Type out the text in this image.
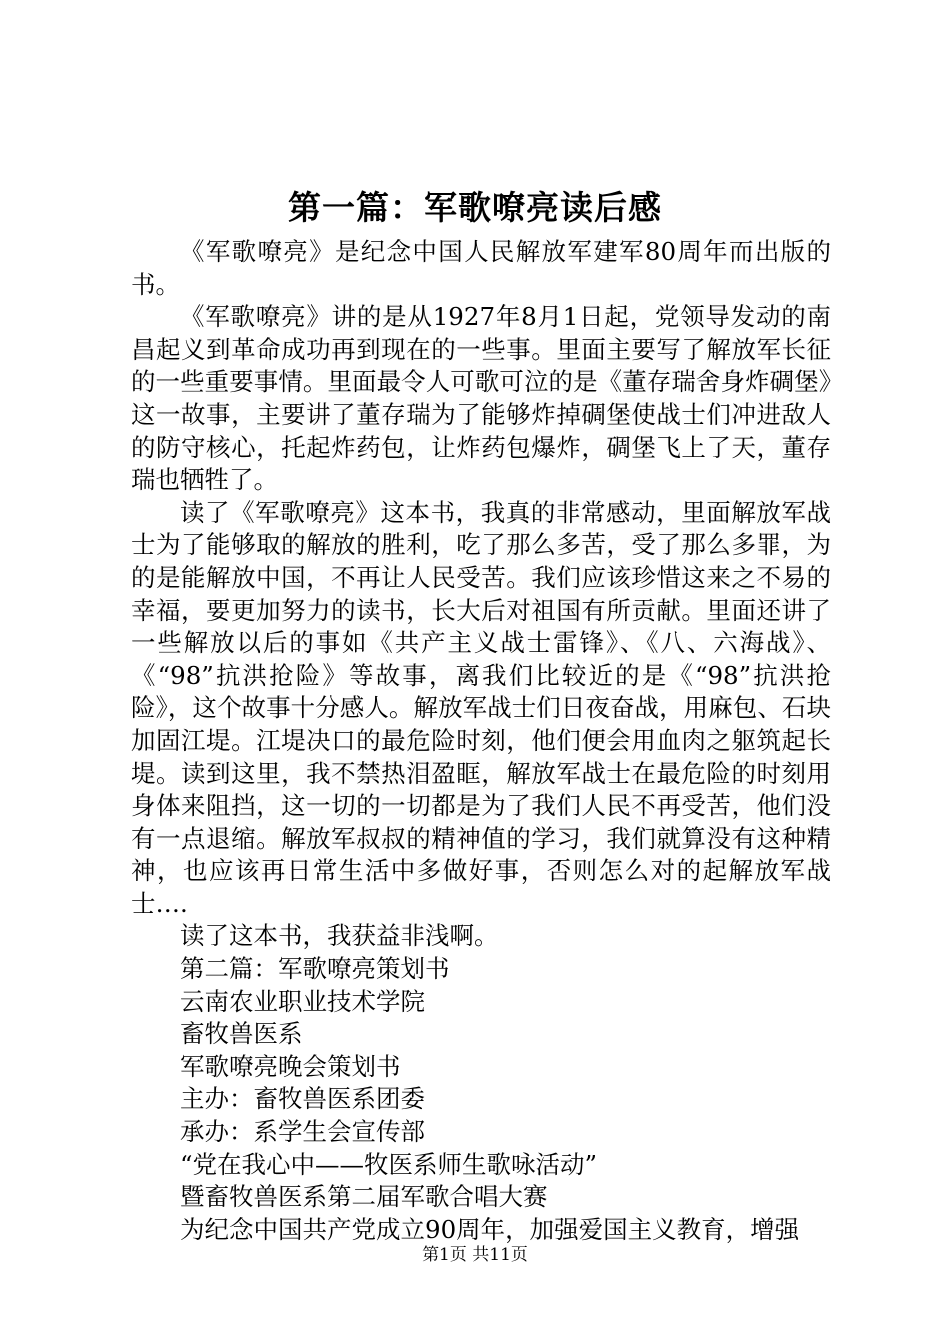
第一篇：军歌嘹亮读后感

《军歌嘹亮》是纪念中国人民解放军建军80周年而出版的书。

《军歌嘹亮》讲的是从1927年8月1日起，党领导发动的南昌起义到革命成功再到现在的一些事。里面主要写了解放军长征的一些重要事情。里面最令人可歌可泣的是《董存瑞舍身炸碉堡》这一故事，主要讲了董存瑞为了能够炸掉碉堡使战士们冲进敌人的防守核心，托起炸药包，让炸药包爆炸，碉堡飞上了天，董存瑞也牺牲了。

读了《军歌嘹亮》这本书，我真的非常感动，里面解放军战士为了能够取的解放的胜利，吃了那么多苦，受了那么多罪，为的是能解放中国，不再让人民受苦。我们应该珍惜这来之不易的幸福，要更加努力的读书，长大后对祖国有所贡献。里面还讲了一些解放以后的事如《共产主义战士雷锋》、《八、六海战》、《“98”抗洪抢险》等故事，离我们比较近的是《“98”抗洪抢险》，这个故事十分感人。解放军战士们日夜奋战，用麻包、石块加固江堤。江堤决口的最危险时刻，他们便会用血肉之躯筑起长堤。读到这里，我不禁热泪盈眶，解放军战士在最危险的时刻用身体来阻挡，这一切的一切都是为了我们人民不再受苦，他们没有一点退缩。解放军叔叔的精神值的学习，我们就算没有这种精神，也应该再日常生活中多做好事，否则怎么对的起解放军战士….

读了这本书，我获益非浅啊。

第二篇：军歌嘹亮策划书

云南农业职业技术学院

畜牧兽医系

军歌嘹亮晚会策划书

主办：畜牧兽医系团委

承办：系学生会宣传部

“党在我心中——牧医系师生歌咏活动”

暨畜牧兽医系第二届军歌合唱大赛

为纪念中国共产党成立90周年，加强爱国主义教育，增强

第1页 共11页
